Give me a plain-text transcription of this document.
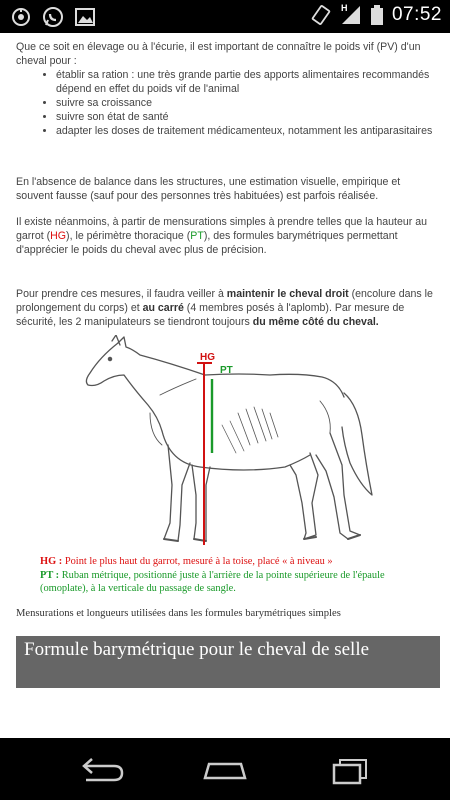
H 07:52

Que ce soit en élevage ou à l'écurie, il est important de connaître le poids vif (PV) d'un cheval pour :

• établir sa ration : une très grande partie des apports alimentaires recommandés dépend en effet du poids vif de l'animal
• suivre sa croissance
• suivre son état de santé
• adapter les doses de traitement médicamenteux, notamment les antiparasitaires

En l'absence de balance dans les structures, une estimation visuelle, empirique et souvent fausse (sauf pour des personnes très habituées) est parfois réalisée.

Il existe néanmoins, à partir de mensurations simples à prendre telles que la hauteur au garrot (HG), le périmètre thoracique (PT), des formules barymétriques permettant d'apprécier le poids du cheval avec plus de précision.

Pour prendre ces mesures, il faudra veiller à maintenir le cheval droit (encolure dans le prolongement du corps) et au carré (4 membres posés à l'aplomb). Par mesure de sécurité, les 2 manipulateurs se tiendront toujours du même côté du cheval.

HG
PT
HG : Point le plus haut du garrot, mesuré à la toise, placé « à niveau »
PT : Ruban métrique, positionné juste à l'arrière de la pointe supérieure de l'épaule (omoplate), à la verticale du passage de sangle.
Mensurations et longueurs utilisées dans les formules barymétriques simples
Formule barymétrique pour le cheval de selle
